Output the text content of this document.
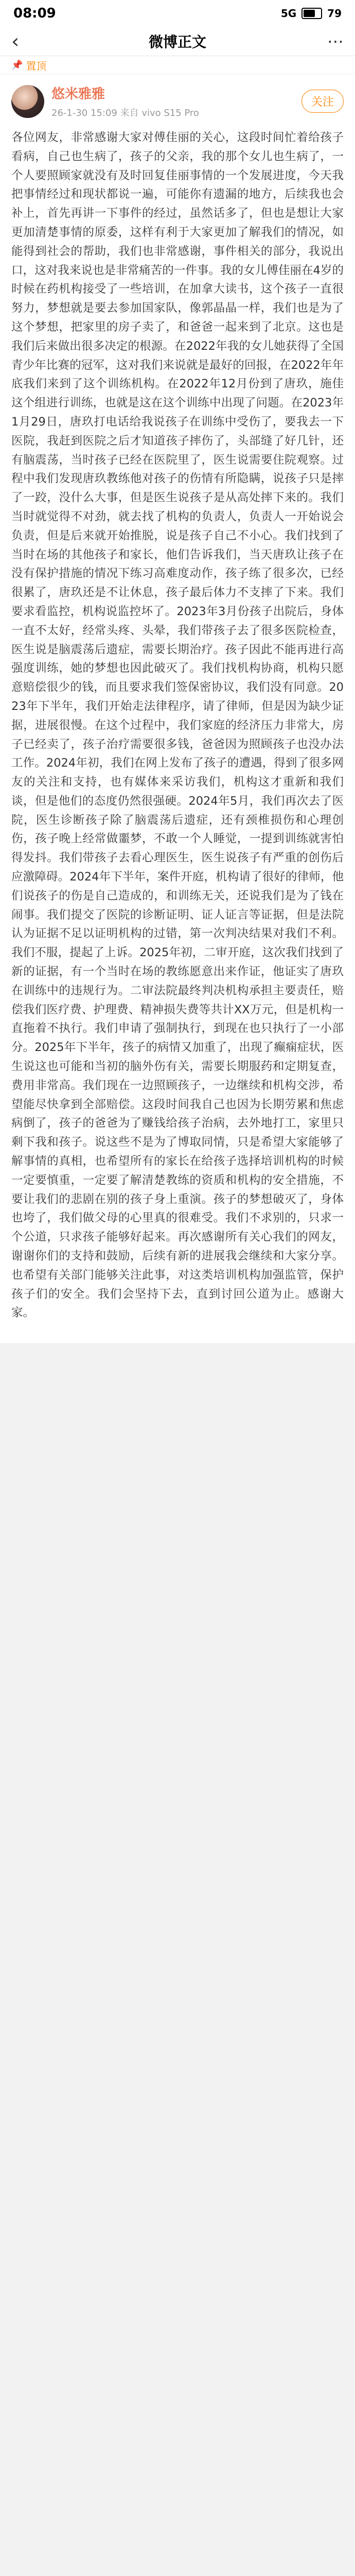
08:09	5G	79
‹	微博正文	⋯
📌 置顶
悠米雅雅
26-1-30 15:09 来自 vivo S15 Pro
关注
各位网友，非常感谢大家对傅佳丽的关心，这段时间忙着给孩子看病，自己也生病了，孩子的父亲，我的那个女儿也生病了，一个人要照顾家就没有及时回复佳丽事情的一个发展进度，今天我把事情经过和现状都说一遍，可能你有遗漏的地方，后续我也会补上，首先再讲一下事件的经过，虽然话多了，但也是想让大家更加清楚事情的原委，这样有利于大家更加了解我们的情况，如能得到社会的帮助，我们也非常感谢，事件相关的部分，我说出口，这对我来说也是非常痛苦的一件事。我的女儿傅佳丽在4岁的时候在药机构接受了一些培训，在加拿大读书，这个孩子一直很努力，梦想就是要去参加国家队，像郭晶晶一样，我们也是为了这个梦想，把家里的房子卖了，和爸爸一起来到了北京。这也是我们后来做出很多决定的根源。在2022年我的女儿她获得了全国青少年比赛的冠军，这对我们来说就是最好的回报，在2022年年底我们来到了这个训练机构。在2022年12月份到了唐玖，施佳这个组进行训练，也就是这在这个训练中出现了问题。在2023年1月29日，唐玖打电话给我说孩子在训练中受伤了，要我去一下医院，我赶到医院之后才知道孩子摔伤了，头部缝了好几针，还有脑震荡，当时孩子已经在医院里了，医生说需要住院观察。过程中我们发现唐玖教练他对孩子的伤情有所隐瞒，说孩子只是摔了一跤，没什么大事，但是医生说孩子是从高处摔下来的。我们当时就觉得不对劲，就去找了机构的负责人，负责人一开始说会负责，但是后来就开始推脱，说是孩子自己不小心。我们找到了当时在场的其他孩子和家长，他们告诉我们，当天唐玖让孩子在没有保护措施的情况下练习高难度动作，孩子练了很多次，已经很累了，唐玖还是不让休息，孩子最后体力不支摔了下来。我们要求看监控，机构说监控坏了。2023年3月份孩子出院后，身体一直不太好，经常头疼、头晕，我们带孩子去了很多医院检查，医生说是脑震荡后遗症，需要长期治疗。孩子因此不能再进行高强度训练，她的梦想也因此破灭了。我们找机构协商，机构只愿意赔偿很少的钱，而且要求我们签保密协议，我们没有同意。2023年下半年，我们开始走法律程序，请了律师，但是因为缺少证据，进展很慢。在这个过程中，我们家庭的经济压力非常大，房子已经卖了，孩子治疗需要很多钱，爸爸因为照顾孩子也没办法工作。2024年初，我们在网上发布了孩子的遭遇，得到了很多网友的关注和支持，也有媒体来采访我们，机构这才重新和我们谈，但是他们的态度仍然很强硬。2024年5月，我们再次去了医院，医生诊断孩子除了脑震荡后遗症，还有颈椎损伤和心理创伤，孩子晚上经常做噩梦，不敢一个人睡觉，一提到训练就害怕得发抖。我们带孩子去看心理医生，医生说孩子有严重的创伤后应激障碍。2024年下半年，案件开庭，机构请了很好的律师，他们说孩子的伤是自己造成的，和训练无关，还说我们是为了钱在闹事。我们提交了医院的诊断证明、证人证言等证据，但是法院认为证据不足以证明机构的过错，第一次判决结果对我们不利。我们不服，提起了上诉。2025年初，二审开庭，这次我们找到了新的证据，有一个当时在场的教练愿意出来作证，他证实了唐玖在训练中的违规行为。二审法院最终判决机构承担主要责任，赔偿我们医疗费、护理费、精神损失费等共计XX万元，但是机构一直拖着不执行。我们申请了强制执行，到现在也只执行了一小部分。2025年下半年，孩子的病情又加重了，出现了癫痫症状，医生说这也可能和当初的脑外伤有关，需要长期服药和定期复查，费用非常高。我们现在一边照顾孩子，一边继续和机构交涉，希望能尽快拿到全部赔偿。这段时间我自己也因为长期劳累和焦虑病倒了，孩子的爸爸为了赚钱给孩子治病，去外地打工，家里只剩下我和孩子。说这些不是为了博取同情，只是希望大家能够了解事情的真相，也希望所有的家长在给孩子选择培训机构的时候一定要慎重，一定要了解清楚教练的资质和机构的安全措施，不要让我们的悲剧在别的孩子身上重演。孩子的梦想破灭了，身体也垮了，我们做父母的心里真的很难受。我们不求别的，只求一个公道，只求孩子能够好起来。再次感谢所有关心我们的网友，谢谢你们的支持和鼓励，后续有新的进展我会继续和大家分享。也希望有关部门能够关注此事，对这类培训机构加强监管，保护孩子们的安全。我们会坚持下去，直到讨回公道为止。感谢大家。
